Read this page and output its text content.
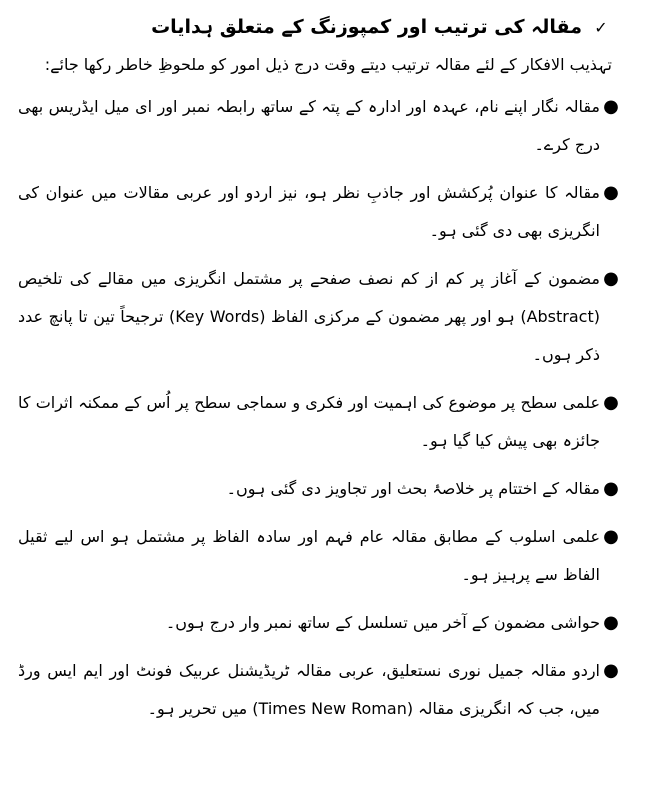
✓
مقالہ کی ترتیب اور کمپوزنگ کے متعلق ہدایات
تہذیب الافکار کے لئے مقالہ ترتیب دیتے وقت درج ذیل امور کو ملحوظِ خاطر رکھا جائے:
●
مقالہ نگار اپنے نام، عہدہ اور ادارہ کے پتہ کے ساتھ رابطہ نمبر اور ای میل ایڈریس بھی درج کرے۔
●
مقالہ کا عنوان پُرکشش اور جاذبِ نظر ہو، نیز اردو اور عربی مقالات میں عنوان کی انگریزی بھی دی گئی ہو۔
●
مضمون کے آغاز پر کم از کم نصف صفحے پر مشتمل انگریزی میں مقالے کی تلخیص (Abstract) ہو اور پھر مضمون کے مرکزی الفاظ (Key Words) ترجیحاً تین تا پانچ عدد ذکر ہوں۔
●
علمی سطح پر موضوع کی اہمیت اور فکری و سماجی سطح پر اُس کے ممکنہ اثرات کا جائزہ بھی پیش کیا گیا ہو۔
●
مقالہ کے اختتام پر خلاصۂ بحث اور تجاویز دی گئی ہوں۔
●
علمی اسلوب کے مطابق مقالہ عام فہم اور سادہ الفاظ پر مشتمل ہو اس لیے ثقیل الفاظ سے پرہیز ہو۔
●
حواشی مضمون کے آخر میں تسلسل کے ساتھ نمبر وار درج ہوں۔
●
اردو مقالہ جمیل نوری نستعلیق، عربی مقالہ ٹریڈیشنل عربیک فونٹ اور ایم ایس ورڈ میں، جب کہ انگریزی مقالہ (Times New Roman) میں تحریر ہو۔
